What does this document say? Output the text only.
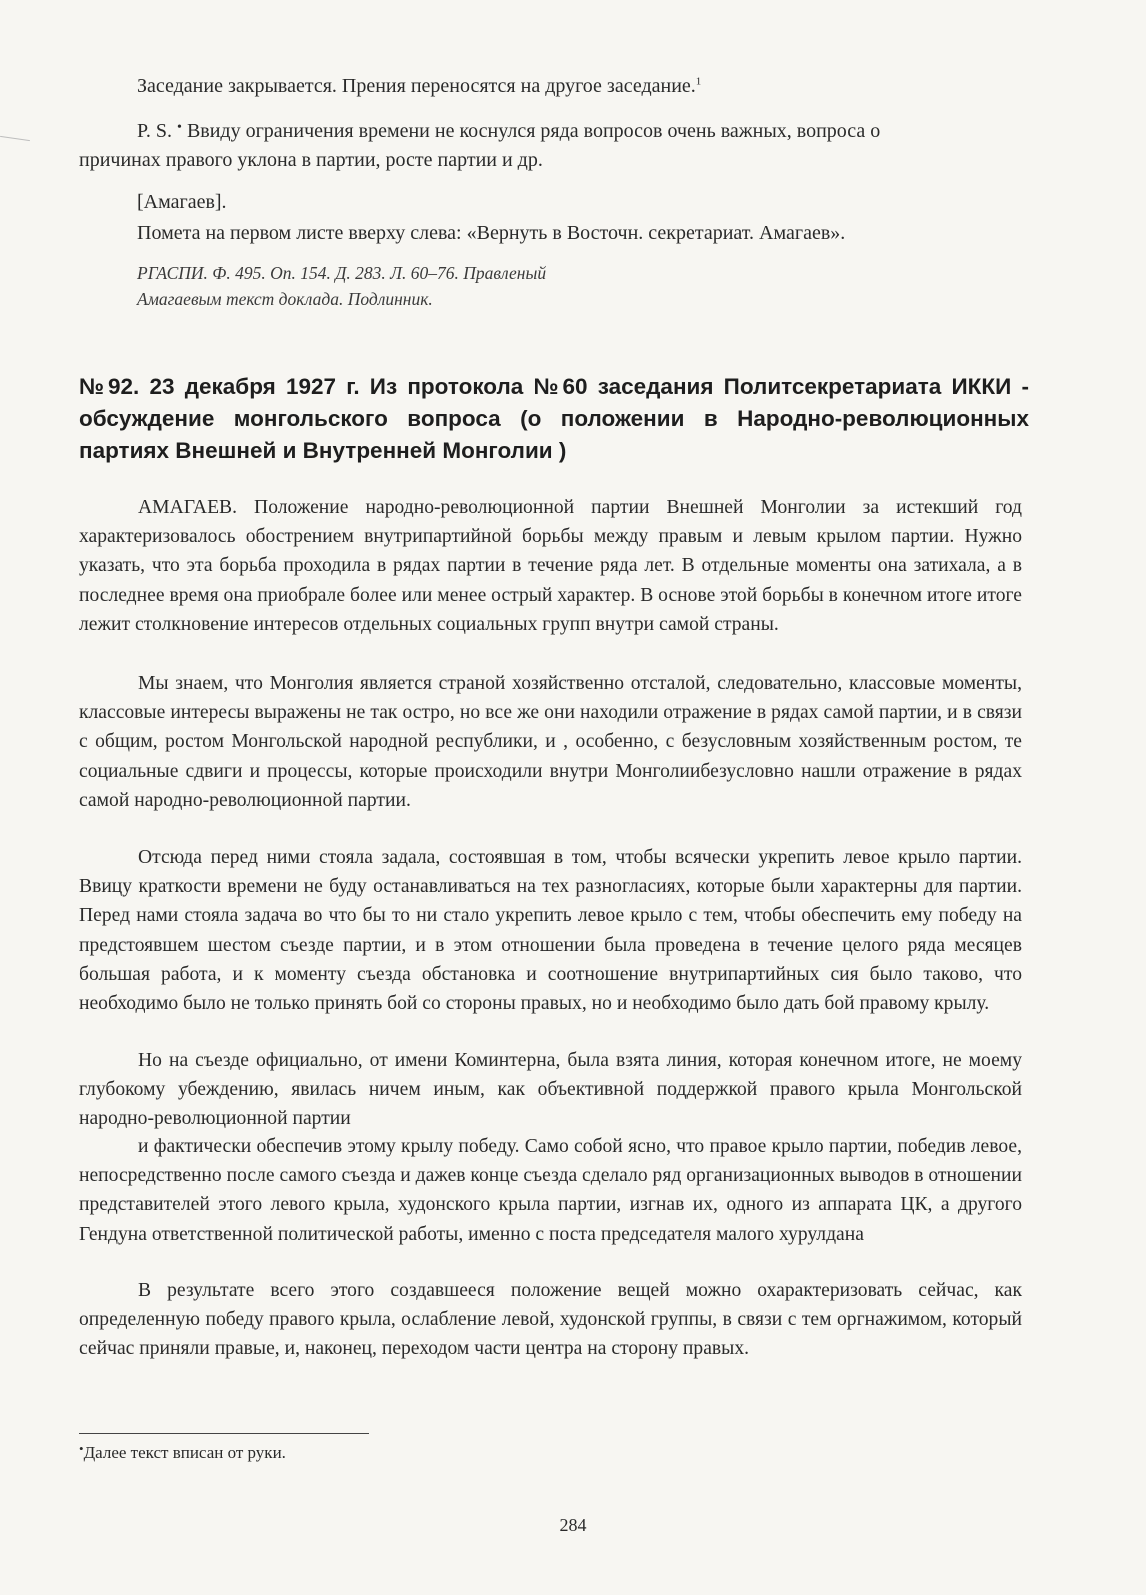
Заседание закрывается. Прения переносятся на другое заседание.$^1$
P. S. • Ввиду ограничения времени не коснулся ряда вопросов очень важных, вопроса о
причинах правого уклона в партии, росте партии и др.
[Амагаев].
Помета на первом листе вверху слева: «Вернуть в Восточн. секретариат. Амагаев».
РГАСПИ. Ф. 495. Оп. 154. Д. 283. Л. 60–76. Правленый
Амагаевым текст доклада. Подлинник.
№92. 23 декабря 1927 г. Из протокола №60 заседания Политсекретариата ИККИ - обсуждение монгольского вопроса (о положении в Народно-революционных партиях Внешней и Внутренней Монголии )
АМАГАЕВ. Положение народно-революционной партии Внешней Монголии за истекший год характеризовалось обострением внутрипартийной борьбы между правым и левым крылом партии. Нужно указать, что эта борьба проходила в рядах партии в течение ряда лет. В отдельные моменты она затихала, а в последнее время она приобрале более или менее острый характер. В основе этой борьбы в конечном итоге итоге лежит столкновение интересов отдельных социальных групп внутри самой страны.
Мы знаем, что Монголия является страной хозяйственно отсталой, следовательно, классовые моменты, классовые интересы выражены не так остро, но все же они находили отражение в рядах самой партии, и в связи с общим, ростом Монгольской народной республики, и , особенно, с безусловным хозяйственным ростом, те социальные сдвиги и процессы, которые происходили внутри Монголиибезусловно нашли отражение в рядах самой народно-революционной партии.
Отсюда перед ними стояла задала, состоявшая в том, чтобы всячески укрепить левое крыло партии. Ввицу краткости времени не буду останавливаться на тех разногласиях, которые были характерны для партии. Перед нами стояла задача во что бы то ни стало укрепить левое крыло с тем, чтобы обеспечить ему победу на предстоявшем шестом съезде партии, и в этом отношении была проведена в течение целого ряда месяцев большая работа, и к моменту съезда обстановка и соотношение внутрипартийных сия было таково, что необходимо было не только принять бой со стороны правых, но и необходимо было дать бой правому крылу.
Но на съезде официально, от имени Коминтерна, была взята линия, которая конечном итоге, не моему глубокому убеждению, явилась ничем иным, как объективной поддержкой правого крыла Монгольской народно-революционной партии
и фактически обеспечив этому крылу победу. Само собой ясно, что правое крыло партии, победив левое, непосредственно после самого съезда и дажев конце съезда сделало ряд организационных выводов в отношении представителей этого левого крыла, худонского крыла партии, изгнав их, одного из аппарата ЦК, а другого Гендуна ответственной политической работы, именно с поста председателя малого хурулдана
В результате всего этого создавшееся положение вещей можно охарактеризовать сейчас, как определенную победу правого крыла, ослабление левой, худонской группы, в связи с тем оргнажимом, который сейчас приняли правые, и, наконец, переходом части центра на сторону правых.
•Далее текст вписан от руки.
284
